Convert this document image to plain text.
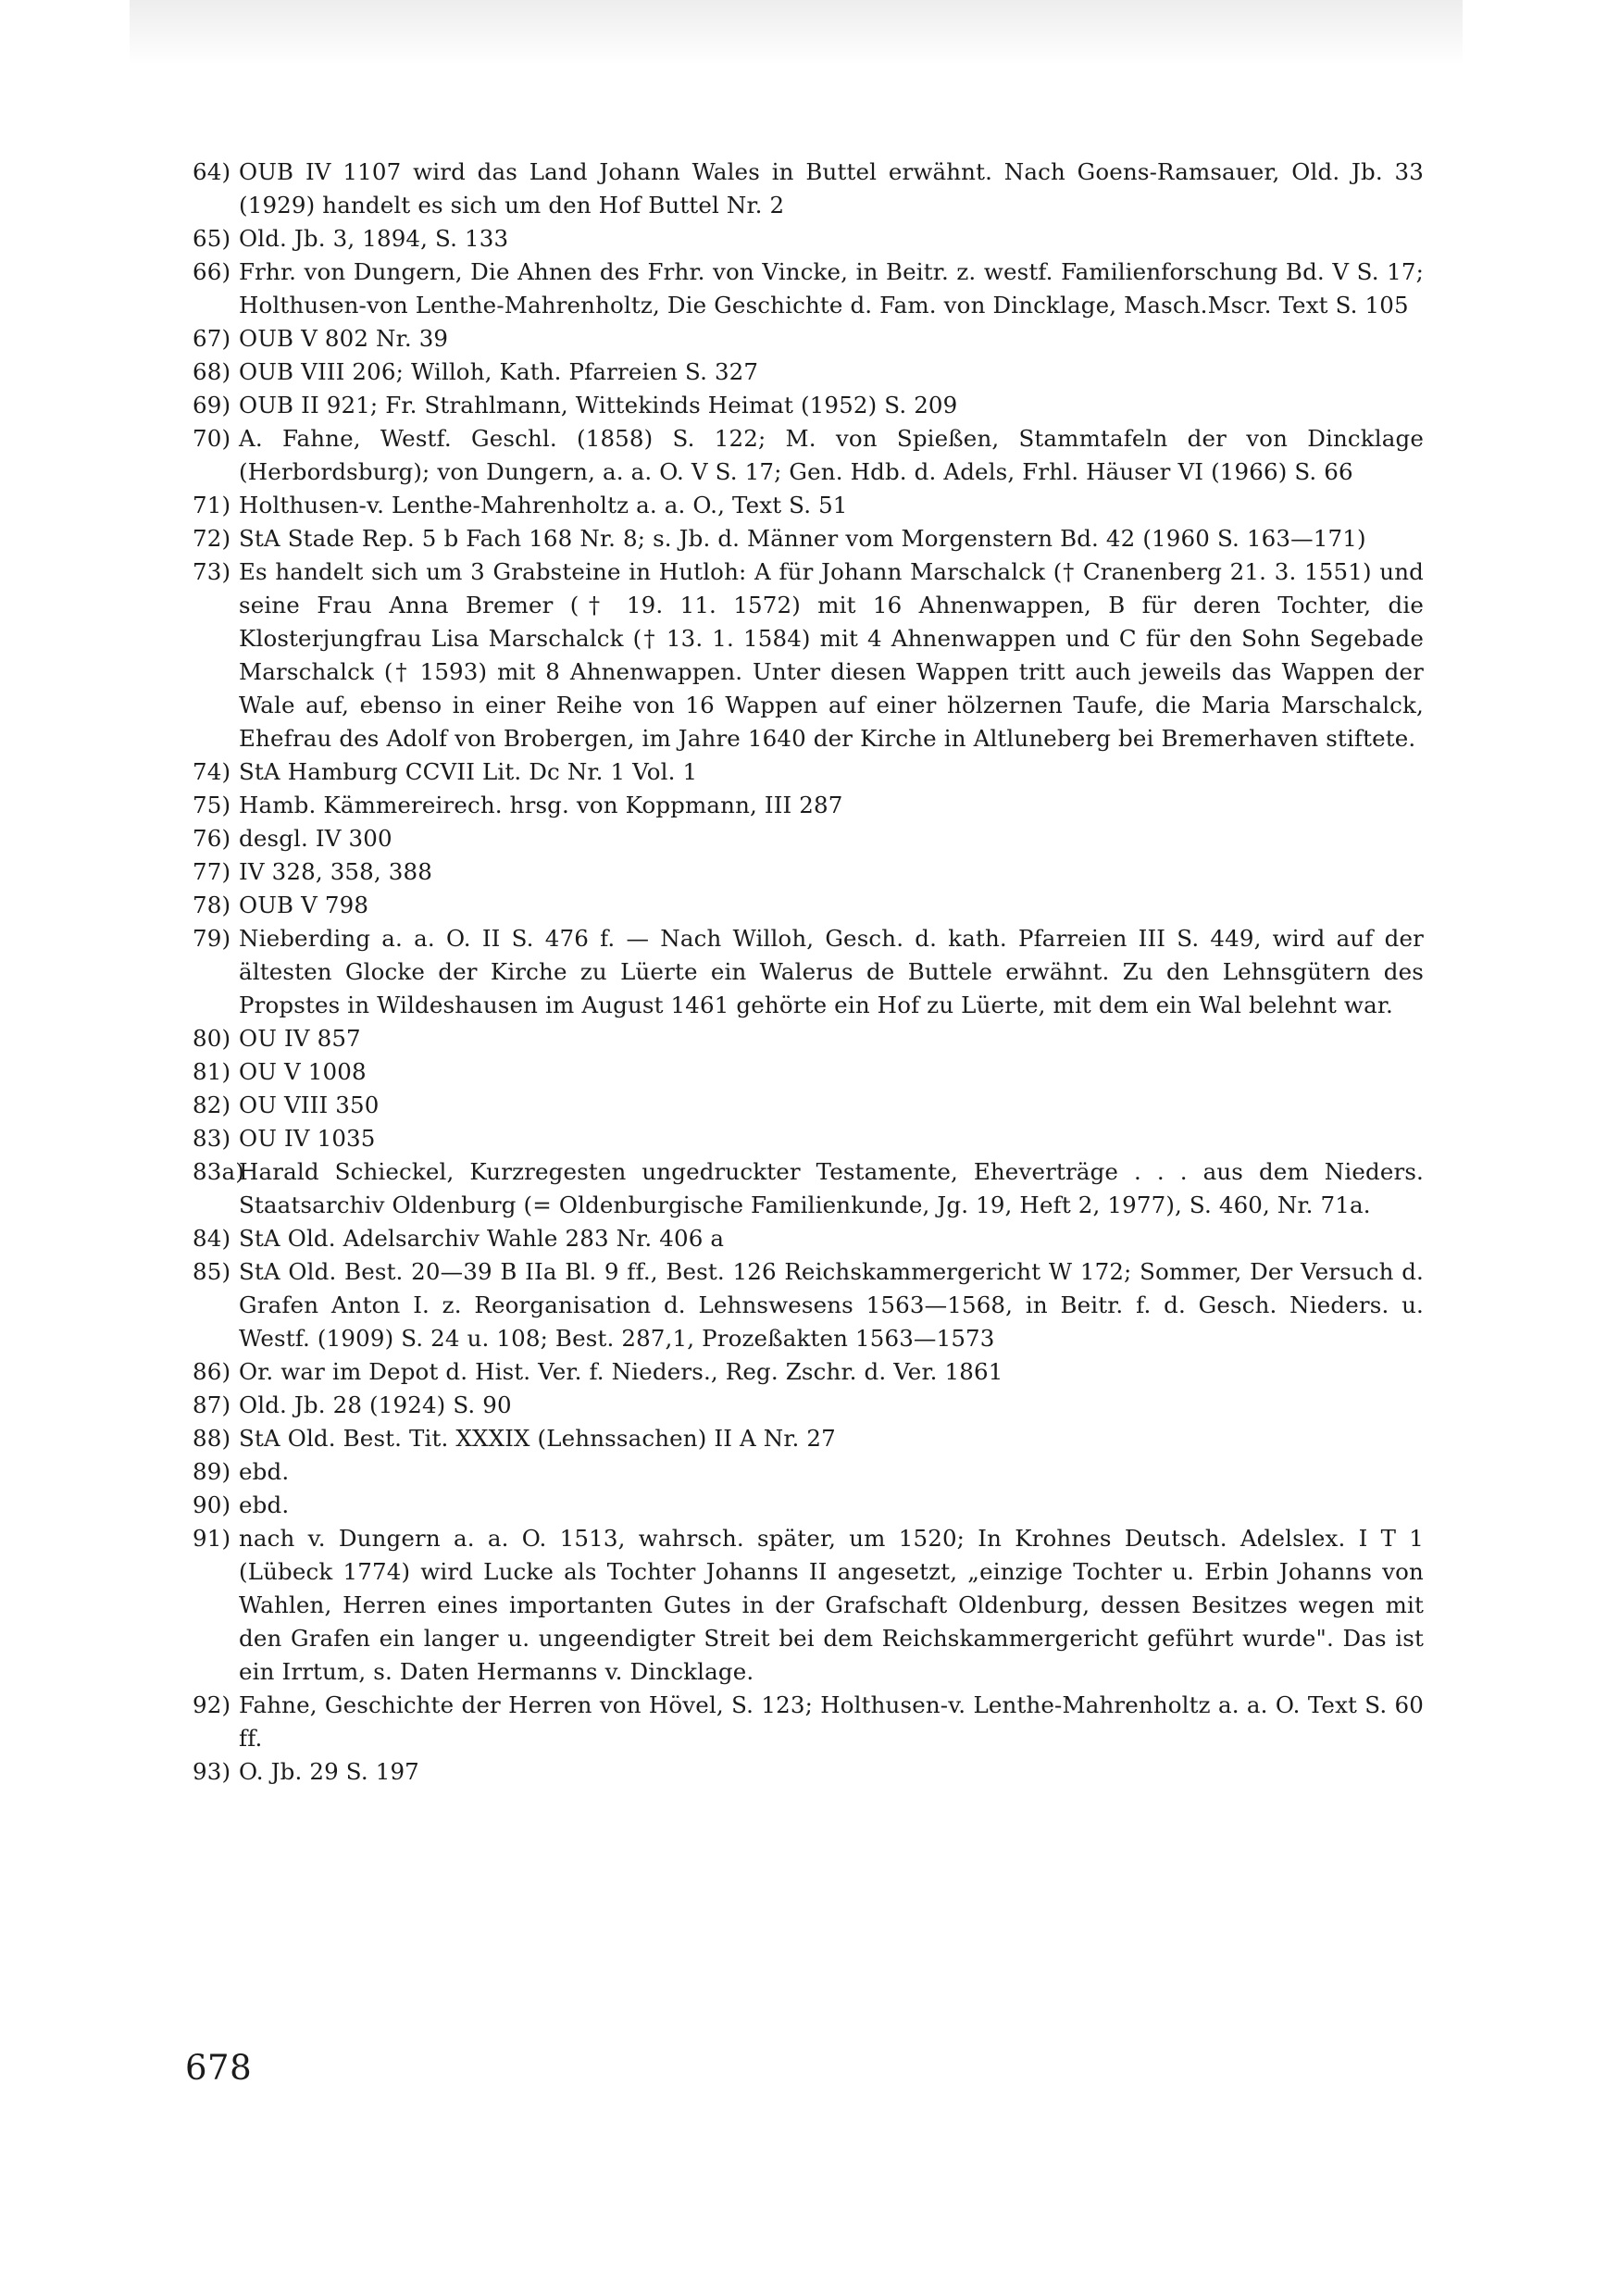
64) OUB IV 1107 wird das Land Johann Wales in Buttel erwähnt. Nach Goens-Ramsauer, Old. Jb. 33 (1929) handelt es sich um den Hof Buttel Nr. 2
65) Old. Jb. 3, 1894, S. 133
66) Frhr. von Dungern, Die Ahnen des Frhr. von Vincke, in Beitr. z. westf. Familienforschung Bd. V S. 17; Holthusen-von Lenthe-Mahrenholtz, Die Geschichte d. Fam. von Dincklage, Masch.Mscr. Text S. 105
67) OUB V 802 Nr. 39
68) OUB VIII 206; Willoh, Kath. Pfarreien S. 327
69) OUB II 921; Fr. Strahlmann, Wittekinds Heimat (1952) S. 209
70) A. Fahne, Westf. Geschl. (1858) S. 122; M. von Spießen, Stammtafeln der von Dincklage (Herbordsburg); von Dungern, a. a. O. V S. 17; Gen. Hdb. d. Adels, Frhl. Häuser VI (1966) S. 66
71) Holthusen-v. Lenthe-Mahrenholtz a. a. O., Text S. 51
72) StA Stade Rep. 5 b Fach 168 Nr. 8; s. Jb. d. Männer vom Morgenstern Bd. 42 (1960 S. 163—171)
73) Es handelt sich um 3 Grabsteine in Hutloh: A für Johann Marschalck († Cranenberg 21. 3. 1551) und seine Frau Anna Bremer († 19. 11. 1572) mit 16 Ahnenwappen, B für deren Tochter, die Klosterjungfrau Lisa Marschalck († 13. 1. 1584) mit 4 Ahnenwappen und C für den Sohn Segebade Marschalck († 1593) mit 8 Ahnenwappen. Unter diesen Wappen tritt auch jeweils das Wappen der Wale auf, ebenso in einer Reihe von 16 Wappen auf einer hölzernen Taufe, die Maria Marschalck, Ehefrau des Adolf von Brobergen, im Jahre 1640 der Kirche in Altluneberg bei Bremerhaven stiftete.
74) StA Hamburg CCVII Lit. Dc Nr. 1 Vol. 1
75) Hamb. Kämmereirech. hrsg. von Koppmann, III 287
76) desgl. IV 300
77) IV 328, 358, 388
78) OUB V 798
79) Nieberding a. a. O. II S. 476 f. — Nach Willoh, Gesch. d. kath. Pfarreien III S. 449, wird auf der ältesten Glocke der Kirche zu Lüerte ein Walerus de Buttele erwähnt. Zu den Lehnsgütern des Propstes in Wildeshausen im August 1461 gehörte ein Hof zu Lüerte, mit dem ein Wal belehnt war.
80) OU IV 857
81) OU V 1008
82) OU VIII 350
83) OU IV 1035
83a)
Harald Schieckel, Kurzregesten ungedruckter Testamente, Eheverträge . . . aus dem Nieders. Staatsarchiv Oldenburg (= Oldenburgische Familienkunde, Jg. 19, Heft 2, 1977), S. 460, Nr. 71a.
84) StA Old. Adelsarchiv Wahle 283 Nr. 406 a
85) StA Old. Best. 20—39 B IIa Bl. 9 ff., Best. 126 Reichskammergericht W 172; Sommer, Der Versuch d. Grafen Anton I. z. Reorganisation d. Lehnswesens 1563—1568, in Beitr. f. d. Gesch. Nieders. u. Westf. (1909) S. 24 u. 108; Best. 287,1, Prozeßakten 1563—1573
86) Or. war im Depot d. Hist. Ver. f. Nieders., Reg. Zschr. d. Ver. 1861
87) Old. Jb. 28 (1924) S. 90
88) StA Old. Best. Tit. XXXIX (Lehnssachen) II A Nr. 27
89) ebd.
90) ebd.
91) nach v. Dungern a. a. O. 1513, wahrsch. später, um 1520; In Krohnes Deutsch. Adelslex. I T 1 (Lübeck 1774) wird Lucke als Tochter Johanns II angesetzt, „einzige Tochter u. Erbin Johanns von Wahlen, Herren eines importanten Gutes in der Grafschaft Oldenburg, dessen Besitzes wegen mit den Grafen ein langer u. ungeendigter Streit bei dem Reichskammergericht geführt wurde". Das ist ein Irrtum, s. Daten Hermanns v. Dincklage.
92) Fahne, Geschichte der Herren von Hövel, S. 123; Holthusen-v. Lenthe-Mahrenholtz a. a. O. Text S. 60 ff.
93) O. Jb. 29 S. 197
678
